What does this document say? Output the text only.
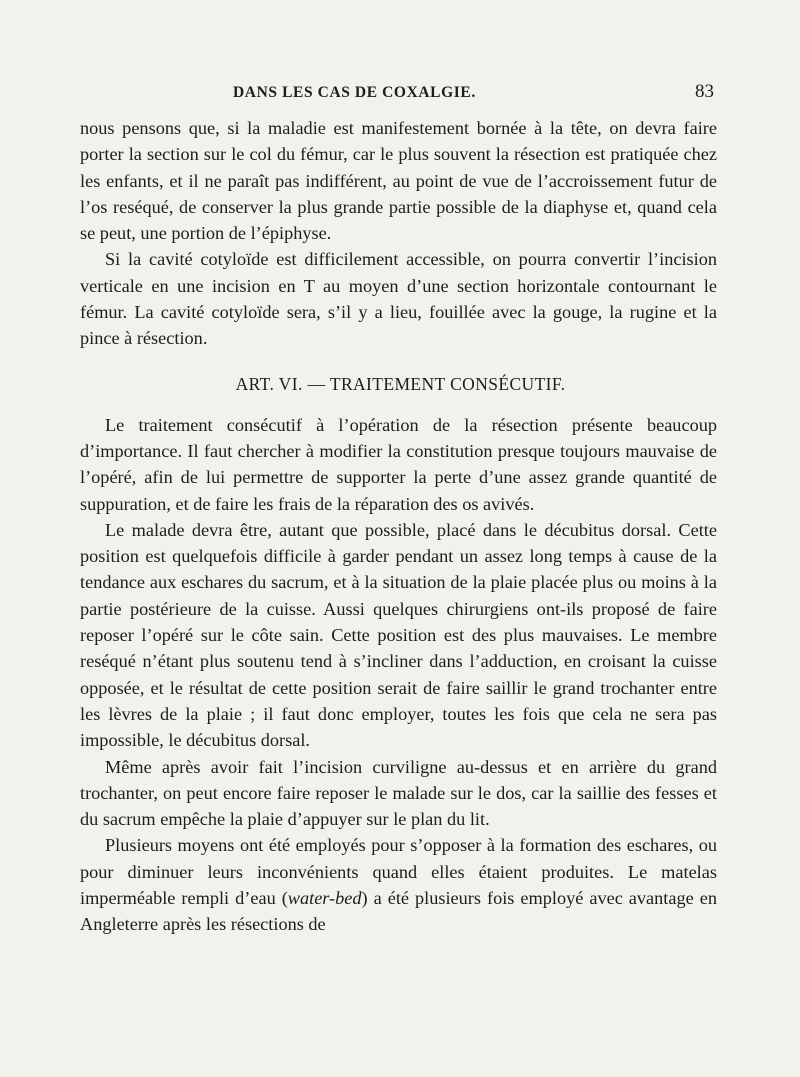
DANS LES CAS DE COXALGIE.	83

nous pensons que, si la maladie est manifestement bornée à la tête, on devra faire porter la section sur le col du fémur, car le plus souvent la résection est pratiquée chez les enfants, et il ne paraît pas indifférent, au point de vue de l’accroissement futur de l’os reséqué, de conserver la plus grande partie possible de la diaphyse et, quand cela se peut, une portion de l’épiphyse.

Si la cavité cotyloïde est difficilement accessible, on pourra convertir l’incision verticale en une incision en T au moyen d’une section horizontale contournant le fémur. La cavité cotyloïde sera, s’il y a lieu, fouillée avec la gouge, la rugine et la pince à résection.

ART. VI. — TRAITEMENT CONSÉCUTIF.

Le traitement consécutif à l’opération de la résection présente beaucoup d’importance. Il faut chercher à modifier la constitution presque toujours mauvaise de l’opéré, afin de lui permettre de supporter la perte d’une assez grande quantité de suppuration, et de faire les frais de la réparation des os avivés.

Le malade devra être, autant que possible, placé dans le décubitus dorsal. Cette position est quelquefois difficile à garder pendant un assez long temps à cause de la tendance aux eschares du sacrum, et à la situation de la plaie placée plus ou moins à la partie postérieure de la cuisse. Aussi quelques chirurgiens ont-ils proposé de faire reposer l’opéré sur le côte sain. Cette position est des plus mauvaises. Le membre reséqué n’étant plus soutenu tend à s’incliner dans l’adduction, en croisant la cuisse opposée, et le résultat de cette position serait de faire saillir le grand trochanter entre les lèvres de la plaie ; il faut donc employer, toutes les fois que cela ne sera pas impossible, le décubitus dorsal.

Même après avoir fait l’incision curviligne au-dessus et en arrière du grand trochanter, on peut encore faire reposer le malade sur le dos, car la saillie des fesses et du sacrum empêche la plaie d’appuyer sur le plan du lit.

Plusieurs moyens ont été employés pour s’opposer à la formation des eschares, ou pour diminuer leurs inconvénients quand elles étaient produites. Le matelas imperméable rempli d’eau (water-bed) a été plusieurs fois employé avec avantage en Angleterre après les résections de
